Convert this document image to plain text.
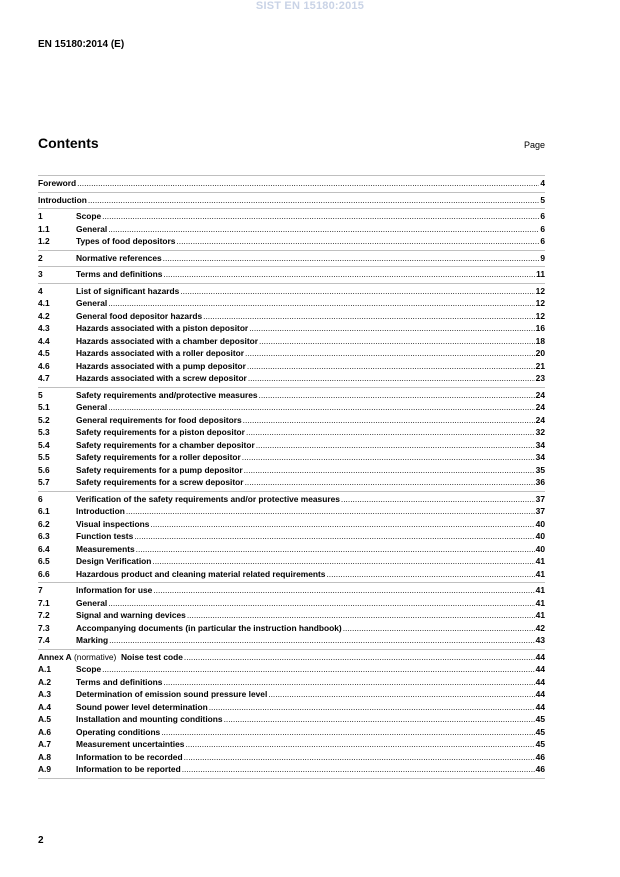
SIST EN 15180:2015
EN 15180:2014 (E)
Contents	Page
Foreword .....	4
Introduction .....	5
1	Scope .....	6
1.1	General .....	6
1.2	Types of food depositors .....	6
2	Normative references .....	9
3	Terms and definitions .....	11
4	List of significant hazards .....	12
4.1	General .....	12
4.2	General food depositor hazards .....	12
4.3	Hazards associated with a piston depositor .....	16
4.4	Hazards associated with a chamber depositor .....	18
4.5	Hazards associated with a roller depositor .....	20
4.6	Hazards associated with a pump depositor .....	21
4.7	Hazards associated with a screw depositor .....	23
5	Safety requirements and/protective measures .....	24
5.1	General .....	24
5.2	General requirements for food depositors .....	24
5.3	Safety requirements for a piston depositor .....	32
5.4	Safety requirements for a chamber depositor .....	34
5.5	Safety requirements for a roller depositor .....	34
5.6	Safety requirements for a pump depositor .....	35
5.7	Safety requirements for a screw depositor .....	36
6	Verification of the safety requirements and/or protective measures .....	37
6.1	Introduction .....	37
6.2	Visual inspections .....	40
6.3	Function tests .....	40
6.4	Measurements .....	40
6.5	Design Verification .....	41
6.6	Hazardous product and cleaning material related requirements .....	41
7	Information for use .....	41
7.1	General .....	41
7.2	Signal and warning devices .....	41
7.3	Accompanying documents (in particular the instruction handbook) .....	42
7.4	Marking .....	43
Annex A (normative)  Noise test code .....	44
A.1	Scope .....	44
A.2	Terms and definitions .....	44
A.3	Determination of emission sound pressure level .....	44
A.4	Sound power level determination .....	44
A.5	Installation and mounting conditions .....	45
A.6	Operating conditions .....	45
A.7	Measurement uncertainties .....	45
A.8	Information to be recorded .....	46
A.9	Information to be reported .....	46
2
